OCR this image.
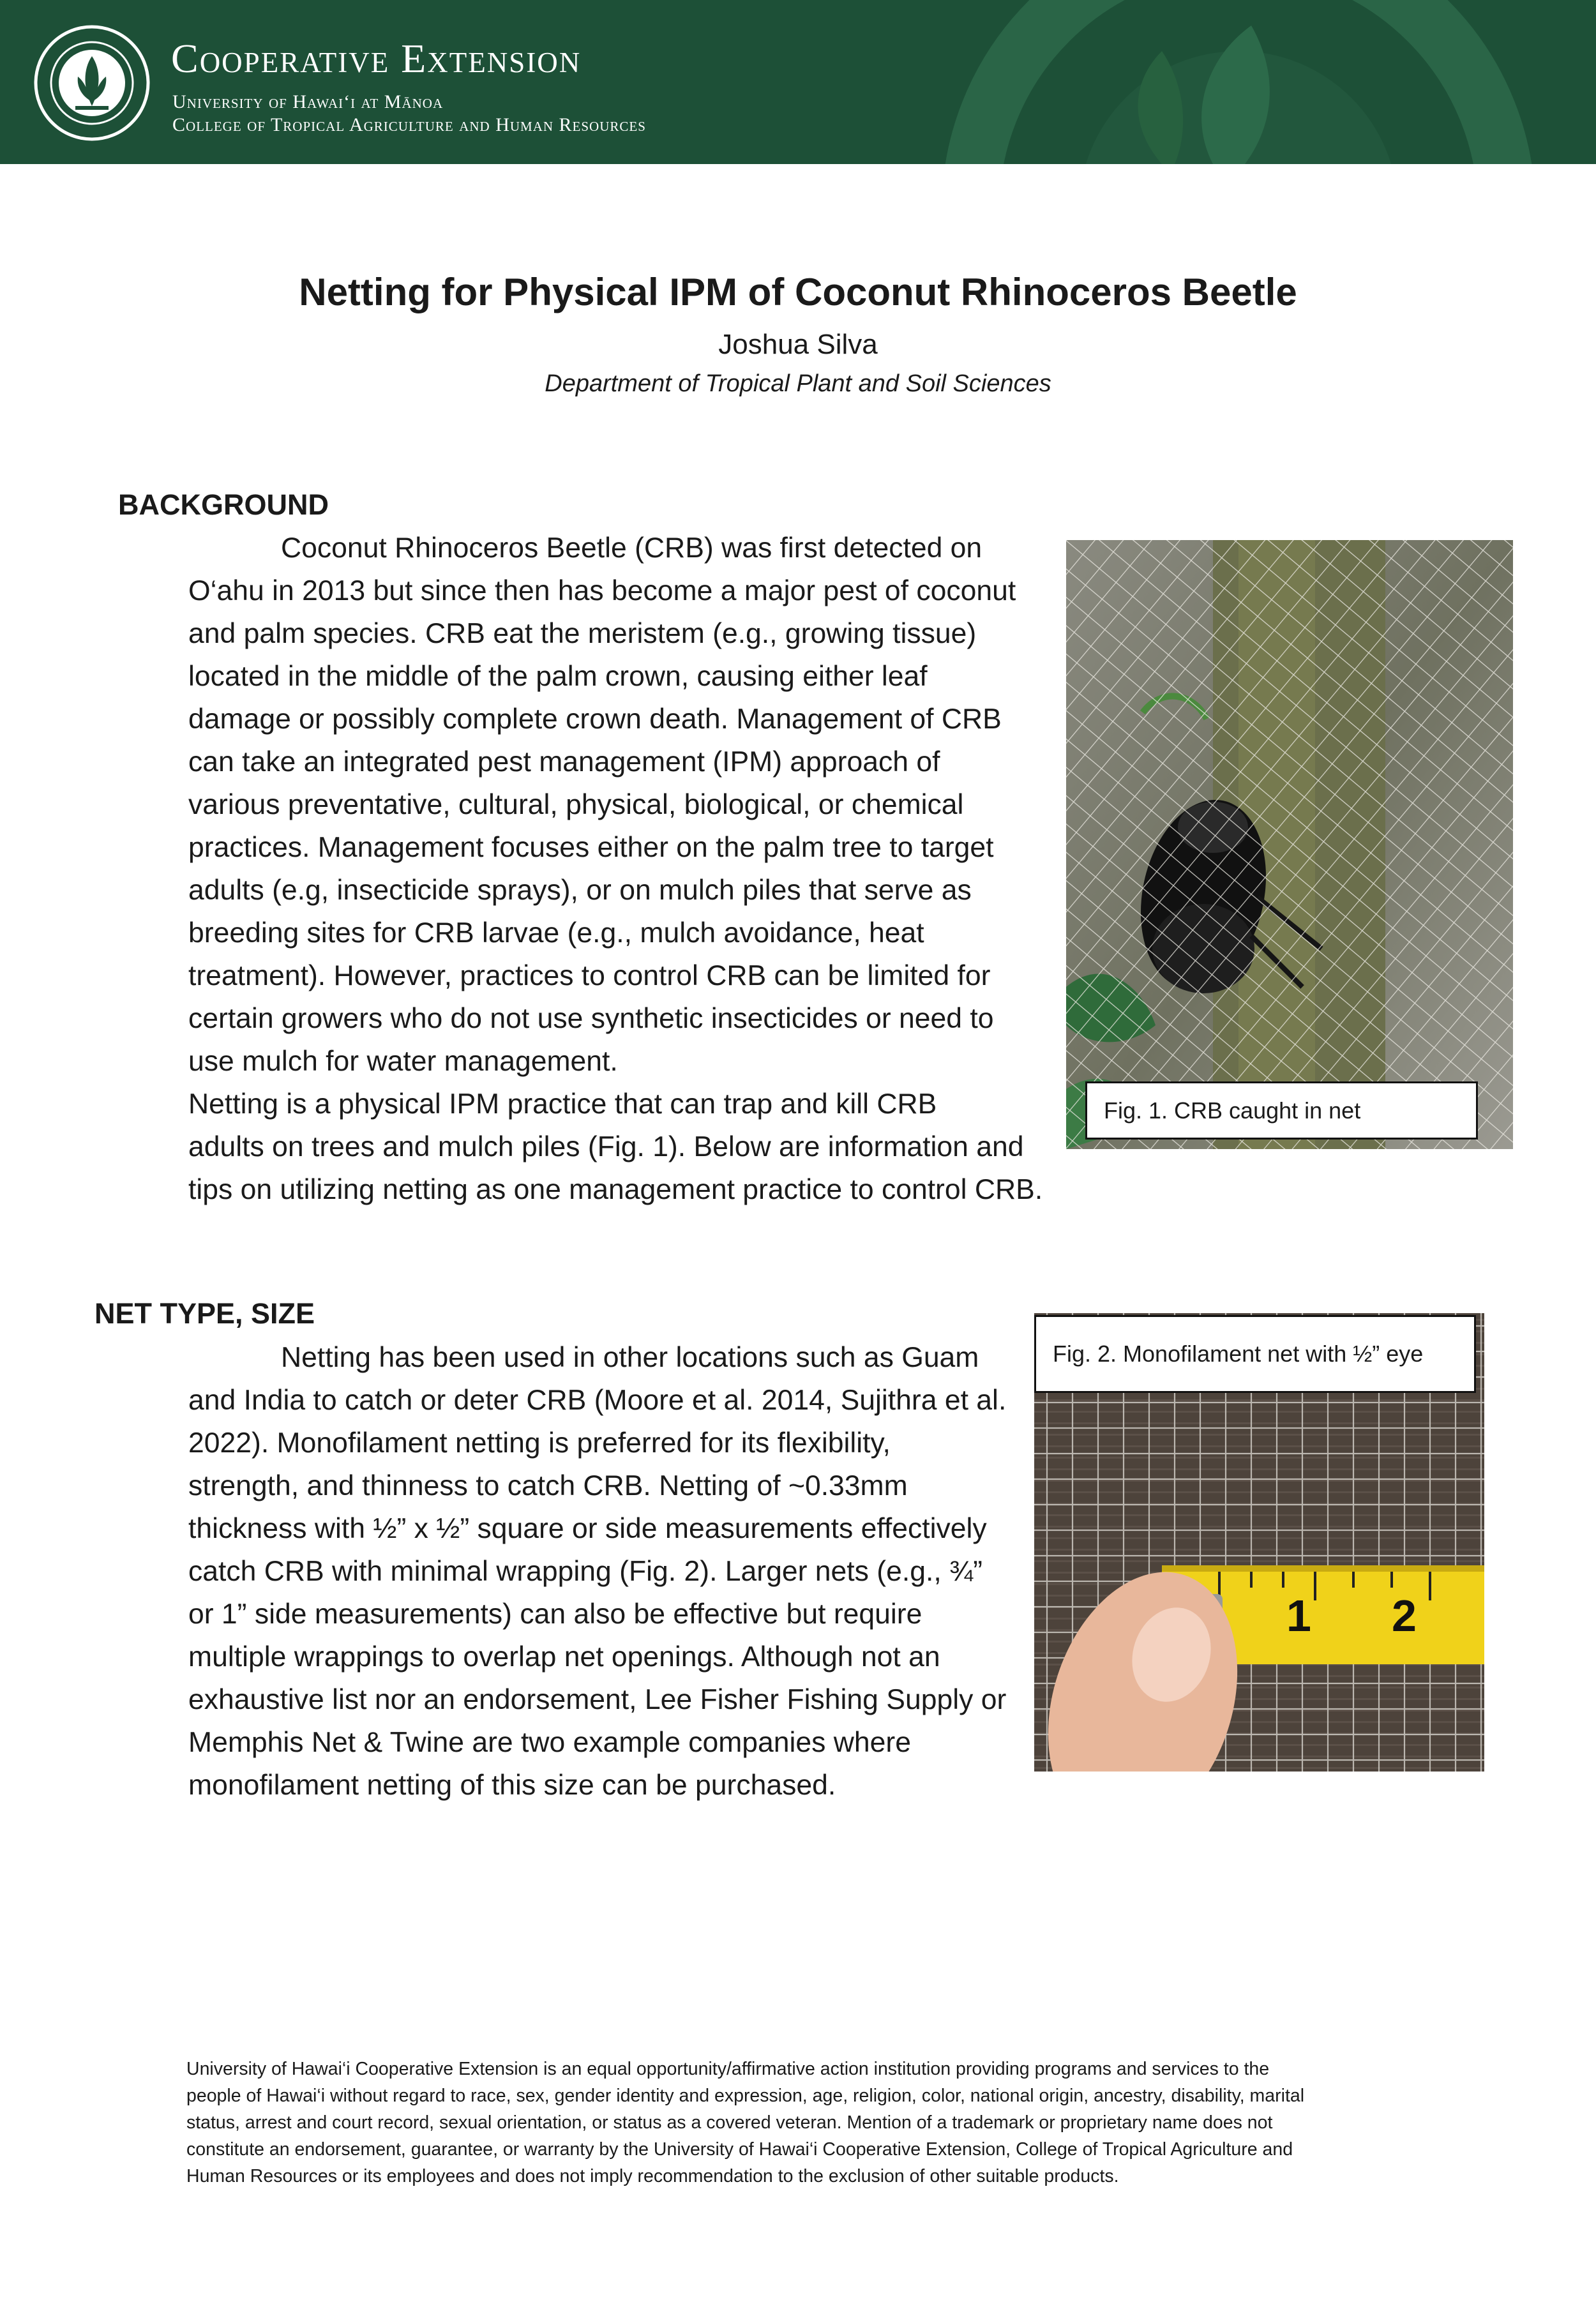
Cooperative Extension
University of Hawai‘i at Mānoa
College of Tropical Agriculture and Human Resources
Netting for Physical IPM of Coconut Rhinoceros Beetle
Joshua Silva
Department of Tropical Plant and Soil Sciences
BACKGROUND

Coconut Rhinoceros Beetle (CRB) was first detected on
O‘ahu in 2013 but since then has become a major pest of coconut
and palm species. CRB eat the meristem (e.g., growing tissue)
located in the middle of the palm crown, causing either leaf
damage or possibly complete crown death. Management of CRB
can take an integrated pest management (IPM) approach of
various preventative, cultural, physical, biological, or chemical
practices. Management focuses either on the palm tree to target
adults (e.g, insecticide sprays), or on mulch piles that serve as
breeding sites for CRB larvae (e.g., mulch avoidance, heat
treatment). However, practices to control CRB can be limited for
certain growers who do not use synthetic insecticides or need to
use mulch for water management.
Netting is a physical IPM practice that can trap and kill CRB
adults on trees and mulch piles (Fig. 1). Below are information and
tips on utilizing netting as one management practice to control CRB.

Fig. 1. CRB caught in net
NET TYPE, SIZE

Netting has been used in other locations such as Guam
and India to catch or deter CRB (Moore et al. 2014, Sujithra et al.
2022). Monofilament netting is preferred for its flexibility,
strength, and thinness to catch CRB. Netting of ~0.33mm
thickness with ½” x ½” square or side measurements effectively
catch CRB with minimal wrapping (Fig. 2). Larger nets (e.g., ¾”
or 1” side measurements) can also be effective but require
multiple wrappings to overlap net openings. Although not an
exhaustive list nor an endorsement, Lee Fisher Fishing Supply or
Memphis Net & Twine are two example companies where
monofilament netting of this size can be purchased.

1 2
Fig. 2. Monofilament net with ½” eye

University of Hawai‘i Cooperative Extension is an equal opportunity/affirmative action institution providing programs and services to the
people of Hawai‘i without regard to race, sex, gender identity and expression, age, religion, color, national origin, ancestry, disability, marital
status, arrest and court record, sexual orientation, or status as a covered veteran. Mention of a trademark or proprietary name does not
constitute an endorsement, guarantee, or warranty by the University of Hawai‘i Cooperative Extension, College of Tropical Agriculture and
Human Resources or its employees and does not imply recommendation to the exclusion of other suitable products.
